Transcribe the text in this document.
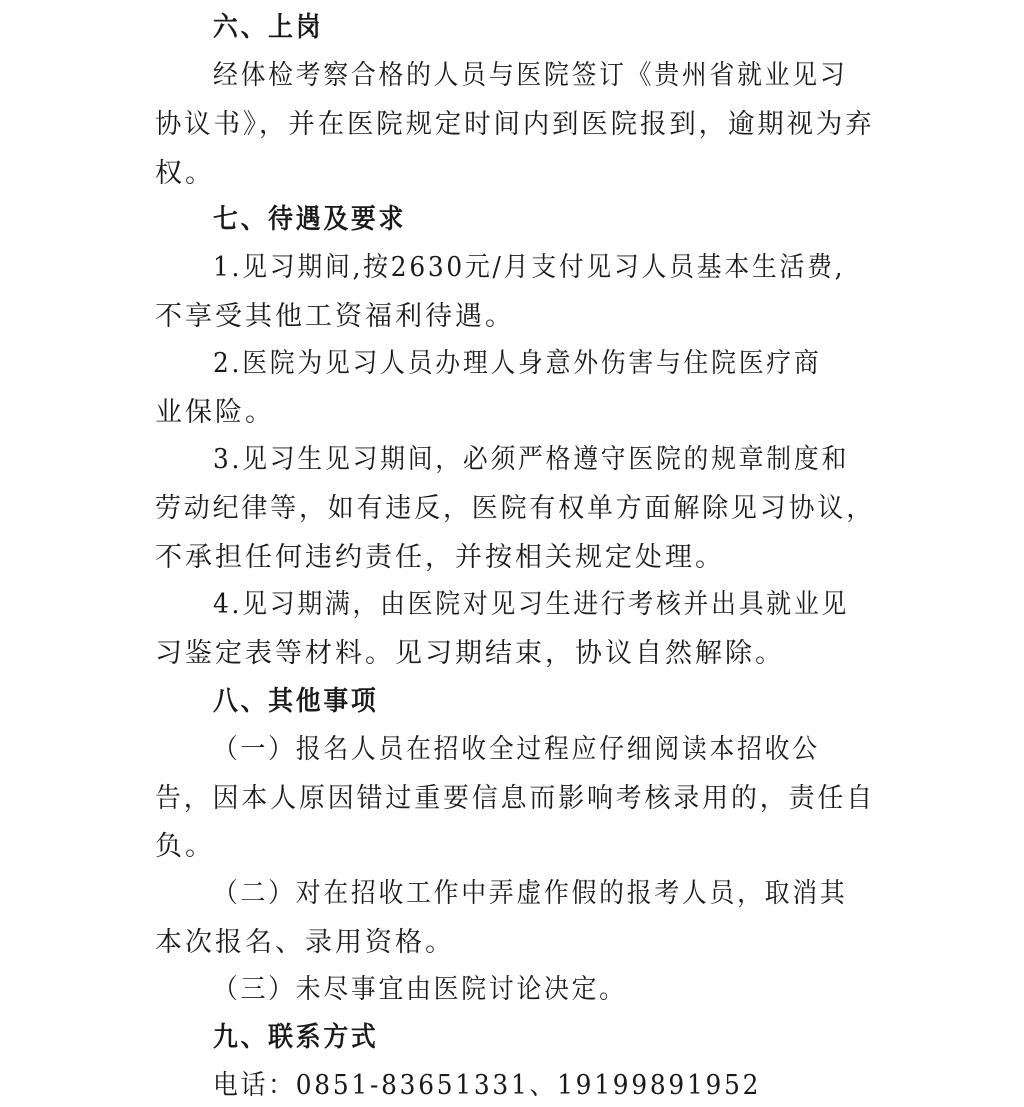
六、上岗
经体检考察合格的人员与医院签订《贵州省就业见习
协议书》，并在医院规定时间内到医院报到，逾期视为弃
权。
七、待遇及要求
1.见习期间,按2630元/月支付见习人员基本生活费,
不享受其他工资福利待遇。
2.医院为见习人员办理人身意外伤害与住院医疗商
业保险。
3.见习生见习期间，必须严格遵守医院的规章制度和
劳动纪律等，如有违反，医院有权单方面解除见习协议，
不承担任何违约责任，并按相关规定处理。
4.见习期满，由医院对见习生进行考核并出具就业见
习鉴定表等材料。见习期结束，协议自然解除。
八、其他事项
（一）报名人员在招收全过程应仔细阅读本招收公
告，因本人原因错过重要信息而影响考核录用的，责任自
负。
（二）对在招收工作中弄虚作假的报考人员，取消其
本次报名、录用资格。
（三）未尽事宜由医院讨论决定。
九、联系方式
电话：0851-83651331、19199891952
